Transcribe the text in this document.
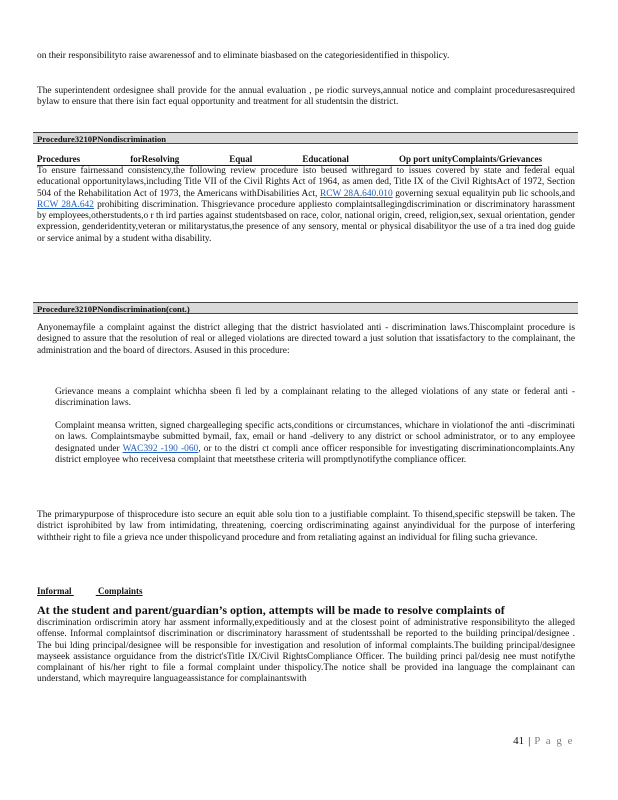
on their responsibilityto raise awarenessof and to eliminate biasbased on the categoriesidentified in thispolicy.

The superintendent ordesignee shall provide for the annual evaluation , pe riodic surveys,annual notice and complaint proceduresasrequired bylaw to ensure that there isin fact equal opportunity and treatment for all studentsin the district.

Procedure3210PNondiscrimination
Procedures	forResolving	Equal	Educational	Op port unityComplaints/Grievances

To ensure fairnessand consistency,the following review procedure isto beused withregard to issues covered by state and federal equal educational opportunitylaws,including Title VII of the Civil Rights Act of 1964, as amen ded, Title IX of the Civil RightsAct of 1972, Section 504 of the Rehabilitation Act of 1973, the Americans withDisabilities Act, RCW 28A.640.010 governing sexual equalityin pub lic schools,and RCW 28A.642 prohibiting discrimination. Thisgrievance procedure appliesto complaintsallegingdiscrimination or discriminatory harassment by employees,otherstudents,o r th ird parties against studentsbased on race, color, national origin, creed, religion,sex, sexual orientation, gender expression, genderidentity,veteran or militarystatus,the presence of any sensory, mental or physical disabilityor the use of a tra ined dog guide or service animal by a student witha disability.

Procedure3210PNondiscrimination(cont.)

Anyonemayfile a complaint against the district alleging that the district hasviolated anti - discrimination laws.Thiscomplaint procedure is designed to assure that the resolution of real or alleged violations are directed toward a just solution that issatisfactory to the complainant, the administration and the board of directors. Asused in this procedure:

Grievance means a complaint whichha sbeen fi led by a complainant relating to the alleged violations of any state or federal anti -discrimination laws.
Complaint meansa written, signed chargealleging specific acts,conditions or circumstances, whichare in violationof the anti -discriminati on laws. Complaintsmaybe submitted bymail, fax, email or hand -delivery to any district or school administrator, or to any employee designated under WAC392 -190 -060, or to the distri ct compli ance officer responsible for investigating discriminationcomplaints.Any district employee who receivesa complaint that meetsthese criteria will promptlynotifythe compliance officer.

The primarypurpose of thisprocedure isto secure an equit able solu tion to a justifiable complaint. To thisend,specific stepswill be taken. The district isprohibited by law from intimidating, threatening, coercing ordiscriminating against anyindividual for the purpose of interfering withtheir right to file a grieva nce under thispolicyand procedure and from retaliating against an individual for filing sucha grievance.

Informal	Complaints
At the student and parent/guardian’s option, attempts will be made to resolve complaints of

discrimination ordiscrimin atory har assment informally,expeditiously and at the closest point of administrative responsibilityto the alleged offense. Informal complaintsof discrimination or discriminatory harassment of studentsshall be reported to the building principal/designee . The bui lding principal/designee will be responsible for investigation and resolution of informal complaints.The building principal/designee mayseek assistance orguidance from the district'sTitle IX/Civil RightsCompliance Officer. The building princi pal/desig nee must notifythe complainant of his/her right to file a formal complaint under thispolicy.The notice shall be provided ina language the complainant can understand, which mayrequire languageassistance for complainantswith

41 | P a g e
